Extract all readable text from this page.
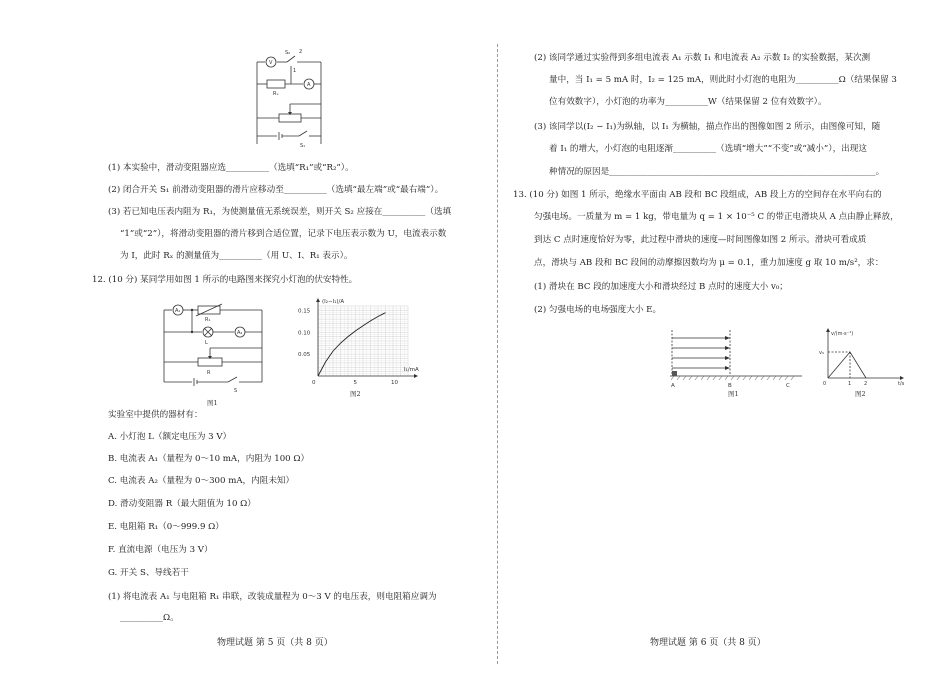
S₂ 2
1
V
A
Rₓ
S₁
(1) 本实验中，滑动变阻器应选__________（选填“R₁”或“R₂”）。
(2) 闭合开关 S₁ 前滑动变阻器的滑片应移动至__________（选填“最左端”或“最右端”）。
(3) 若已知电压表内阻为 R₁，为使测量值无系统误差，则开关 S₂ 应接在__________（选填
“1”或“2”），将滑动变阻器的滑片移到合适位置，记录下电压表示数为 U，电流表示数
为 I，此时 Rₓ 的测量值为__________（用 U、I、R₁ 表示）。
12. (10 分) 某同学用如图 1 所示的电路图来探究小灯泡的伏安特性。
A₁
R₁
A₂
L
R
S
图1
(I₂−I₁)/A
I₁/mA
0	5	10
0.05
0.10
0.15
图2
实验室中提供的器材有：
A. 小灯泡 L（额定电压为 3 V）
B. 电流表 A₁（量程为 0～10 mA，内阻为 100 Ω）
C. 电流表 A₂（量程为 0～300 mA，内阻未知）
D. 滑动变阻器 R（最大阻值为 10 Ω）
E. 电阻箱 R₁（0～999.9 Ω）
F. 直流电源（电压为 3 V）
G. 开关 S、导线若干
(1) 将电流表 A₁ 与电阻箱 R₁ 串联，改装成量程为 0～3 V 的电压表，则电阻箱应调为
__________Ω。
物理试题 第 5 页（共 8 页）
(2) 该同学通过实验得到多组电流表 A₁ 示数 I₁ 和电流表 A₂ 示数 I₂ 的实验数据，某次测
量中，当 I₁ = 5 mA 时，I₂ = 125 mA，则此时小灯泡的电阻为__________Ω（结果保留 3
位有效数字），小灯泡的功率为__________W（结果保留 2 位有效数字）。
(3) 该同学以(I₂ − I₁)为纵轴，以 I₁ 为横轴，描点作出的图像如图 2 所示，由图像可知，随
着 I₁ 的增大，小灯泡的电阻逐渐__________（选填“增大”“不变”或“减小”），出现这
种情况的原因是______________________________________________________________。
13. (10 分) 如图 1 所示，绝缘水平面由 AB 段和 BC 段组成，AB 段上方的空间存在水平向右的
匀强电场。一质量为 m = 1 kg，带电量为 q = 1 × 10⁻⁵ C 的带正电滑块从 A 点由静止释放，
到达 C 点时速度恰好为零，此过程中滑块的速度—时间图像如图 2 所示。滑块可看成质
点，滑块与 AB 段和 BC 段间的动摩擦因数均为 μ = 0.1，重力加速度 g 取 10 m/s²，求：
(1) 滑块在 BC 段的加速度大小和滑块经过 B 点时的速度大小 v₀；
(2) 匀强电场的电场强度大小 E。
A	B	C
图1
v/(m·s⁻¹)
v₀
t/s
0	1	2
图2
物理试题 第 6 页（共 8 页）
